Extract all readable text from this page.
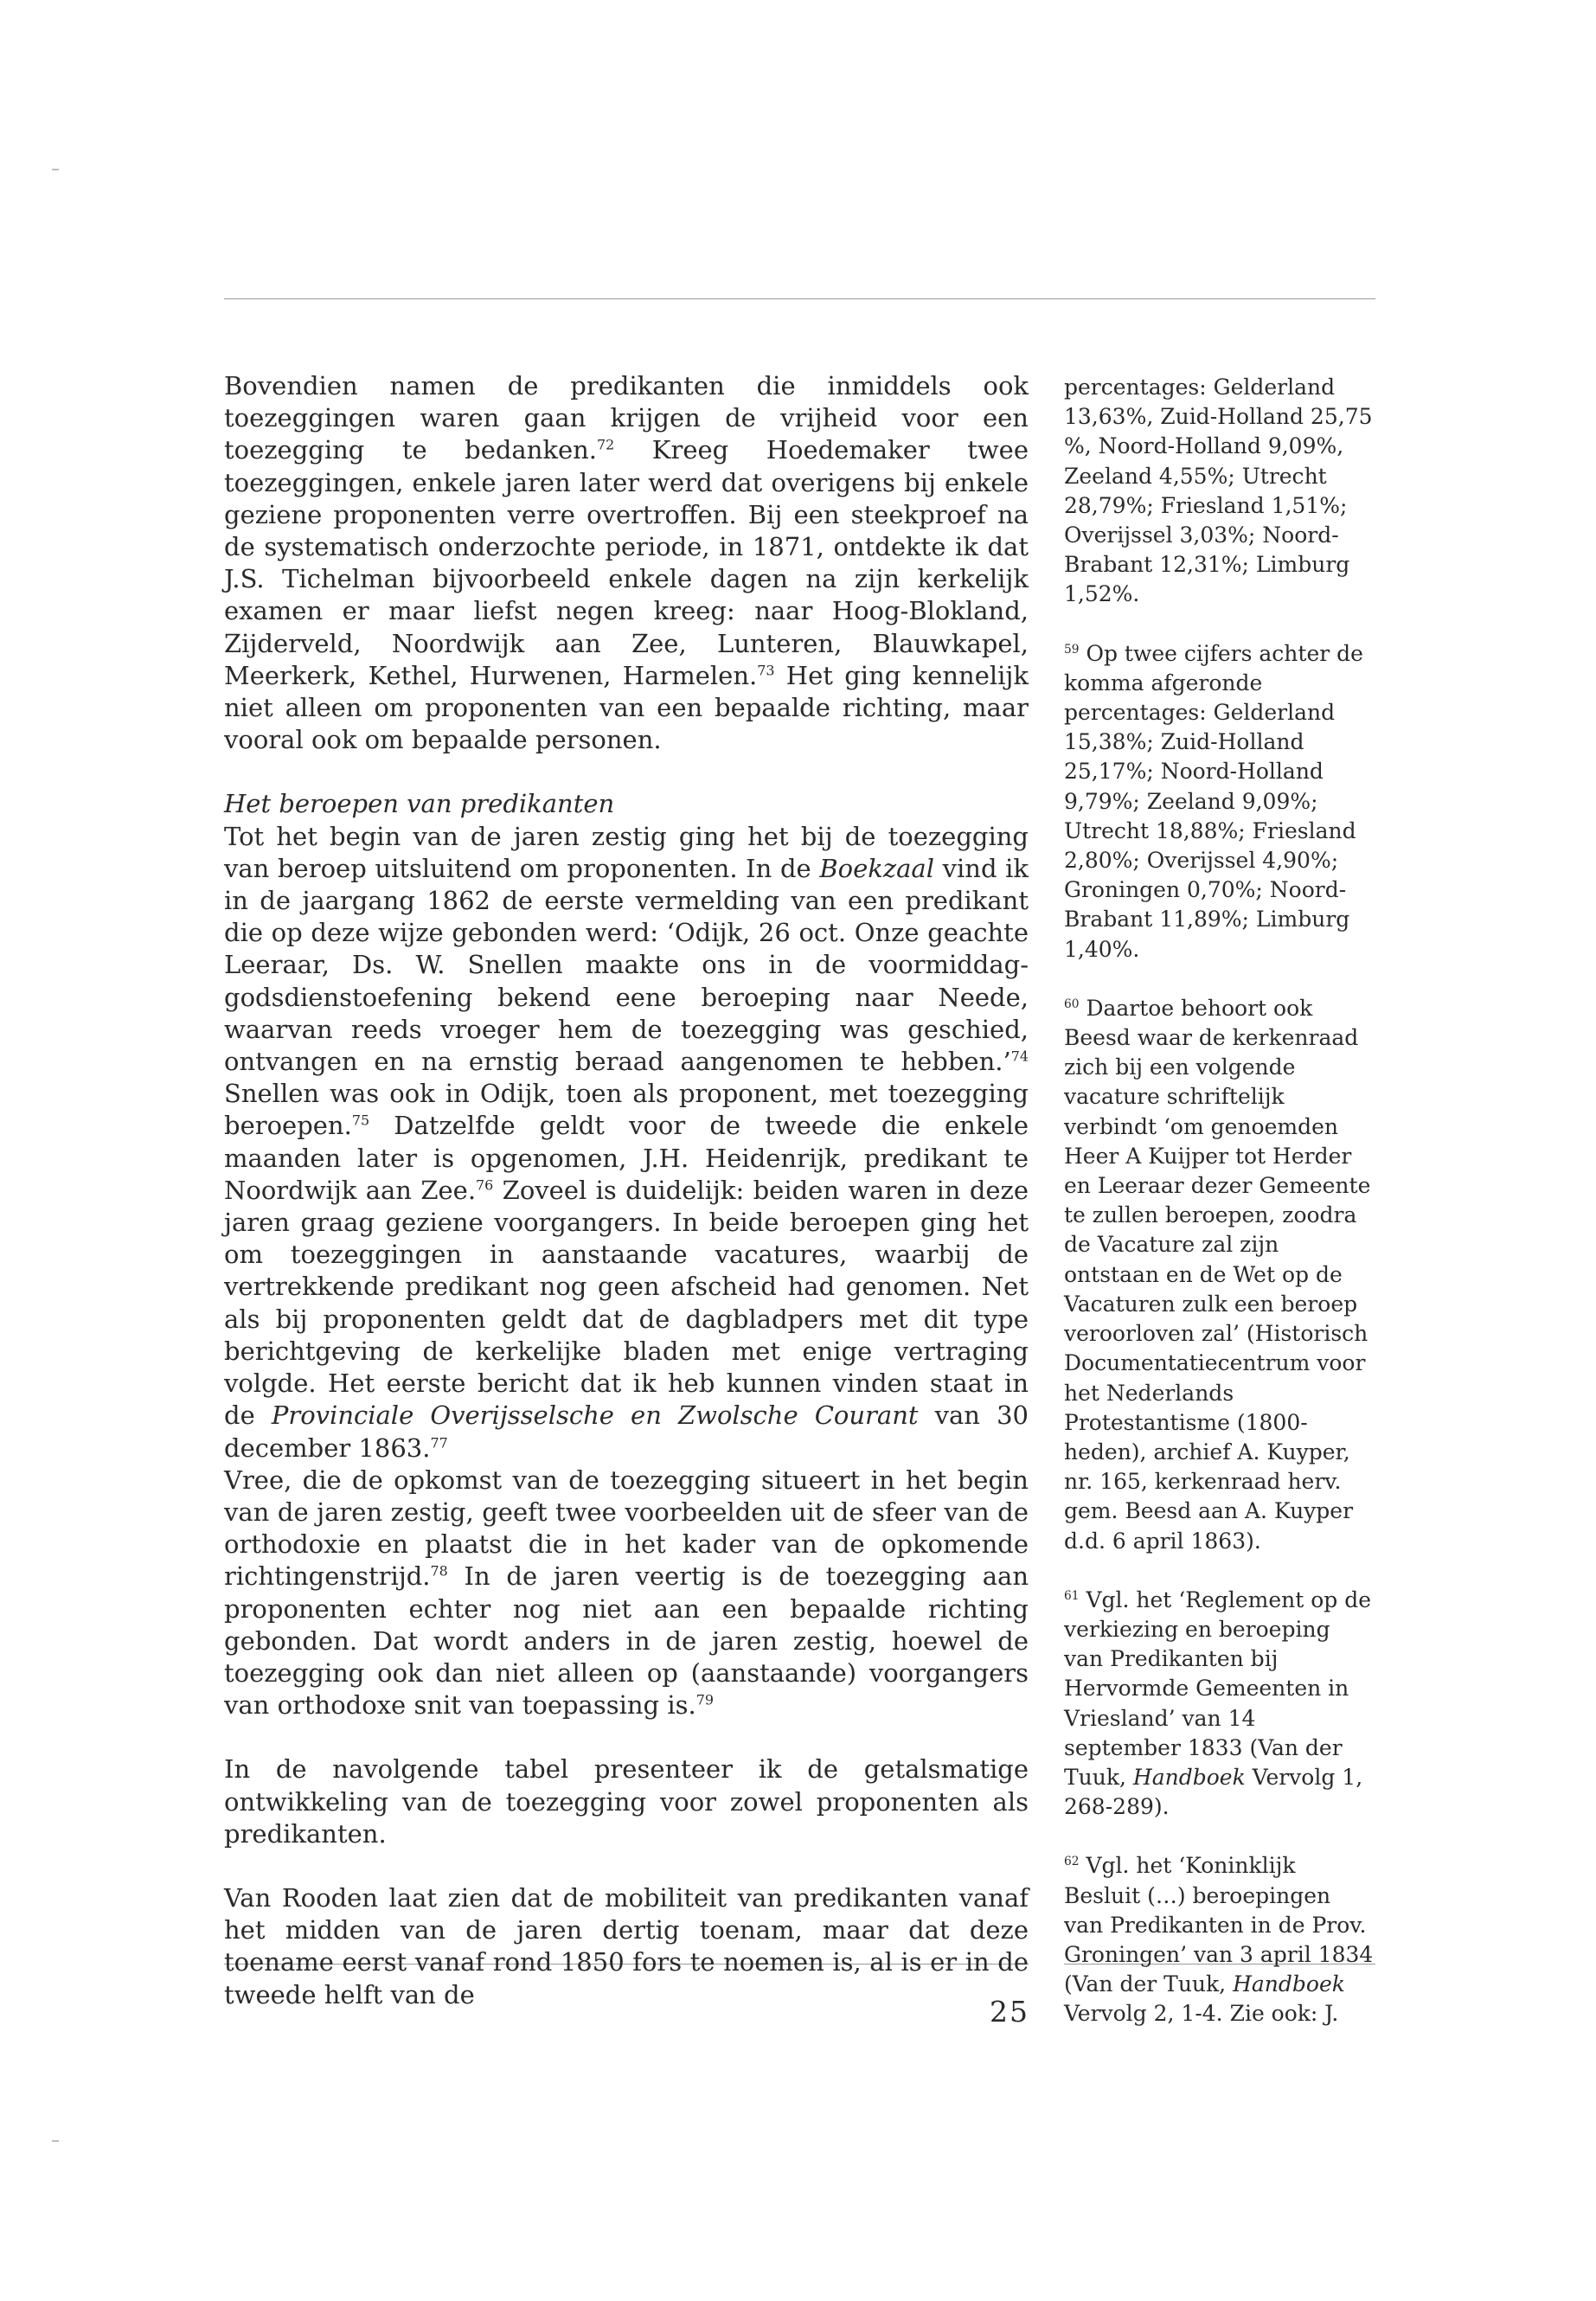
Bovendien namen de predikanten die inmiddels ook toezeggingen waren gaan krijgen de vrijheid voor een toezegging te bedanken.$^{72}$ Kreeg Hoedemaker twee toezeggingen, enkele jaren later werd dat overigens bij enkele geziene proponenten verre overtroffen. Bij een steekproef na de systematisch onderzochte periode, in 1871, ontdekte ik dat J.S. Tichelman bijvoorbeeld enkele dagen na zijn kerkelijk examen er maar liefst negen kreeg: naar Hoog-Blokland, Zijderveld, Noordwijk aan Zee, Lunteren, Blauwkapel, Meerkerk, Kethel, Hurwenen, Harmelen.$^{73}$ Het ging kennelijk niet alleen om proponenten van een bepaalde richting, maar vooral ook om bepaalde personen.

Het beroepen van predikanten

Tot het begin van de jaren zestig ging het bij de toezegging van beroep uitsluitend om proponenten. In de Boekzaal vind ik in de jaargang 1862 de eerste vermelding van een predikant die op deze wijze gebonden werd: ‘Odijk, 26 oct. Onze geachte Leeraar, Ds. W. Snellen maakte ons in de voormiddag-godsdienstoefening bekend eene beroeping naar Neede, waarvan reeds vroeger hem de toezegging was geschied, ontvangen en na ernstig beraad aangenomen te hebben.’$^{74}$ Snellen was ook in Odijk, toen als proponent, met toezegging beroepen.$^{75}$ Datzelfde geldt voor de tweede die enkele maanden later is opgenomen, J.H. Heidenrijk, predikant te Noordwijk aan Zee.$^{76}$ Zoveel is duidelijk: beiden waren in deze jaren graag geziene voorgangers. In beide beroepen ging het om toezeggingen in aanstaande vacatures, waarbij de vertrekkende predikant nog geen afscheid had genomen. Net als bij proponenten geldt dat de dagbladpers met dit type berichtgeving de kerkelijke bladen met enige vertraging volgde. Het eerste bericht dat ik heb kunnen vinden staat in de Provinciale Overijsselsche en Zwolsche Courant van 30 december 1863.77

Vree, die de opkomst van de toezegging situeert in het begin van de jaren zestig, geeft twee voorbeelden uit de sfeer van de orthodoxie en plaatst die in het kader van de opkomende richtingenstrijd.$^{78}$ In de jaren veertig is de toezegging aan proponenten echter nog niet aan een bepaalde richting gebonden. Dat wordt anders in de jaren zestig, hoewel de toezegging ook dan niet alleen op (aanstaande) voorgangers van orthodoxe snit van toepassing is.$^{79}$

In de navolgende tabel presenteer ik de getalsmatige ontwikkeling van de toezegging voor zowel proponenten als predikanten.

Van Rooden laat zien dat de mobiliteit van predikanten vanaf het midden van de jaren dertig toenam, maar dat deze toename eerst vanaf rond 1850 fors te noemen is, al is er in de tweede helft van de

percentages: Gelderland 13,63%, Zuid-Holland 25,75 %, Noord-Holland 9,09%, Zeeland 4,55%; Utrecht 28,79%; Friesland 1,51%; Overijssel 3,03%; Noord-Brabant 12,31%; Limburg 1,52%.

$^{59}$ Op twee cijfers achter de komma afgeronde percentages: Gelderland 15,38%; Zuid-Holland 25,17%; Noord-Holland 9,79%; Zeeland 9,09%; Utrecht 18,88%; Friesland 2,80%; Overijssel 4,90%; Groningen 0,70%; Noord-Brabant 11,89%; Limburg 1,40%.

$^{60}$ Daartoe behoort ook Beesd waar de kerkenraad zich bij een volgende vacature schriftelijk verbindt ‘om genoemden Heer A Kuijper tot Herder en Leeraar dezer Gemeente te zullen beroepen, zoodra de Vacature zal zijn ontstaan en de Wet op de Vacaturen zulk een beroep veroorloven zal’ (Historisch Documentatiecentrum voor het Nederlands Protestantisme (1800-heden), archief A. Kuyper, nr. 165, kerkenraad herv. gem. Beesd aan A. Kuyper d.d. 6 april 1863).

$^{61}$ Vgl. het ‘Reglement op de verkiezing en beroeping van Predikanten bij Hervormde Gemeenten in Vriesland’ van 14 september 1833 (Van der Tuuk, Handboek Vervolg 1, 268-289).

$^{62}$ Vgl. het ‘Koninklijk Besluit (…) beroepingen van Predikanten in de Prov. Groningen’ van 3 april 1834 (Van der Tuuk, Handboek Vervolg 2, 1-4. Zie ook: J.

25
